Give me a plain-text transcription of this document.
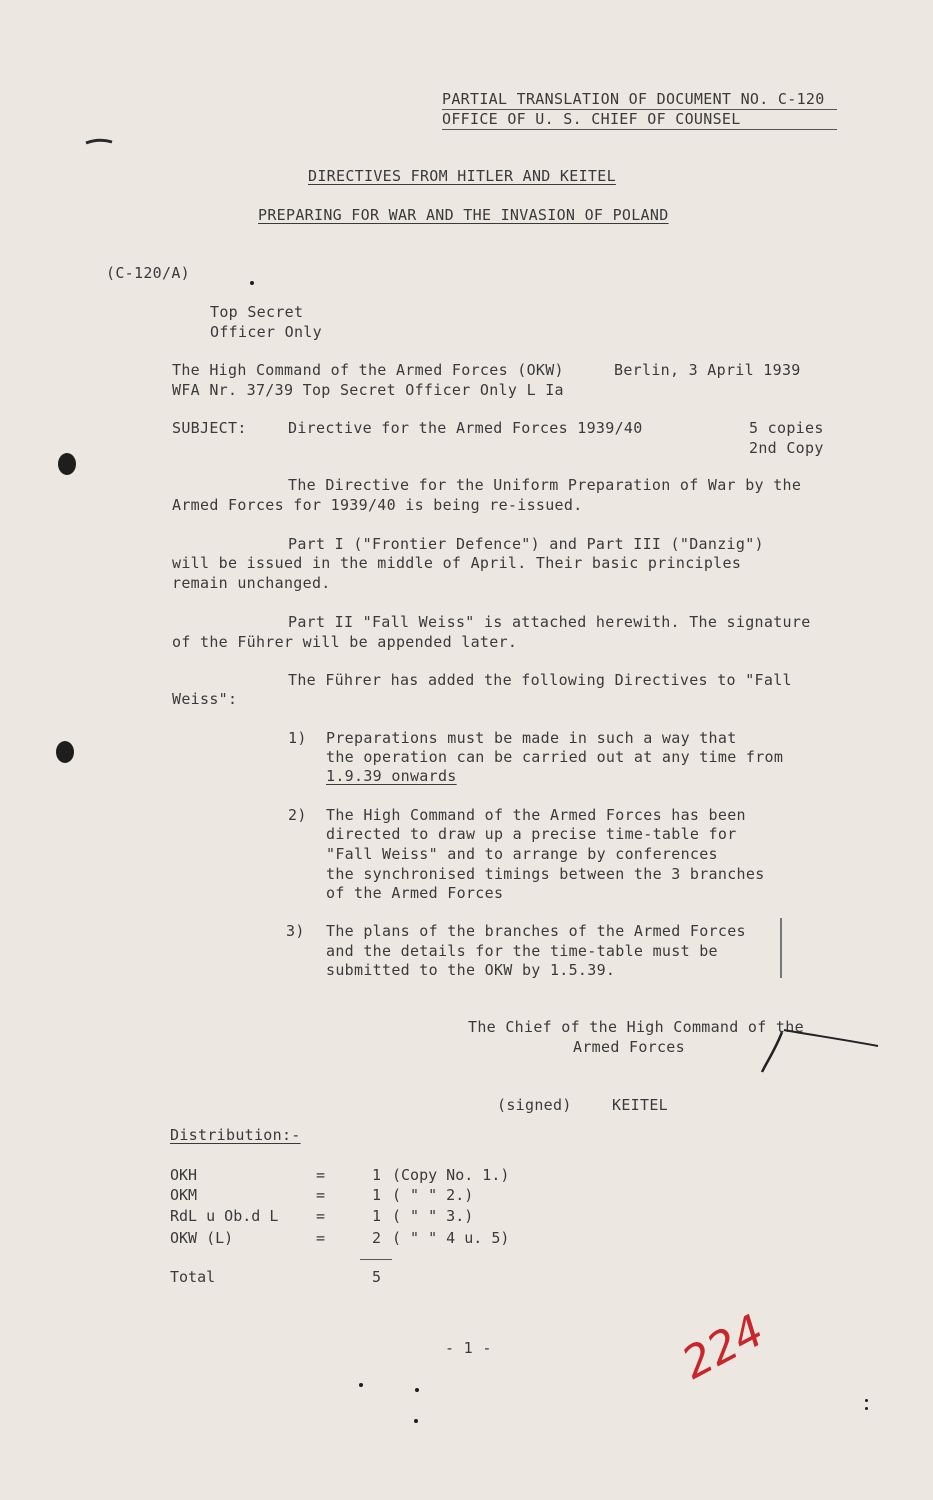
PARTIAL TRANSLATION OF DOCUMENT NO. C-120
OFFICE OF U. S. CHIEF OF COUNSEL
DIRECTIVES FROM HITLER AND KEITEL
PREPARING FOR WAR AND THE INVASION OF POLAND
(C-120/A)
Top Secret
Officer Only
The High Command of the Armed Forces (OKW)	Berlin, 3 April 1939
WFA Nr. 37/39 Top Secret Officer Only L Ia
SUBJECT:	Directive for the Armed Forces 1939/40	5 copies
2nd Copy
The Directive for the Uniform Preparation of War by the
Armed Forces for 1939/40 is being re-issued.
Part I ("Frontier Defence") and Part III ("Danzig")
will be issued in the middle of April. Their basic principles
remain unchanged.
Part II "Fall Weiss" is attached herewith. The signature
of the Führer will be appended later.
The Führer has added the following Directives to "Fall
Weiss":
1) Preparations must be made in such a way that
the operation can be carried out at any time from
1.9.39 onwards
2) The High Command of the Armed Forces has been
directed to draw up a precise time-table for
"Fall Weiss" and to arrange by conferences
the synchronised timings between the 3 branches
of the Armed Forces
3) The plans of the branches of the Armed Forces
and the details for the time-table must be
submitted to the OKW by 1.5.39.
The Chief of the High Command of the
Armed Forces
(signed)	KEITEL
Distribution:-
OKH	=	1 (Copy No. 1.)
OKM	=	1 ( " " 2.)
RdL u Ob.d L	=	1 ( " " 3.)
OKW (L)	=	2 ( " " 4 u. 5)
Total	5
- 1 -	224
